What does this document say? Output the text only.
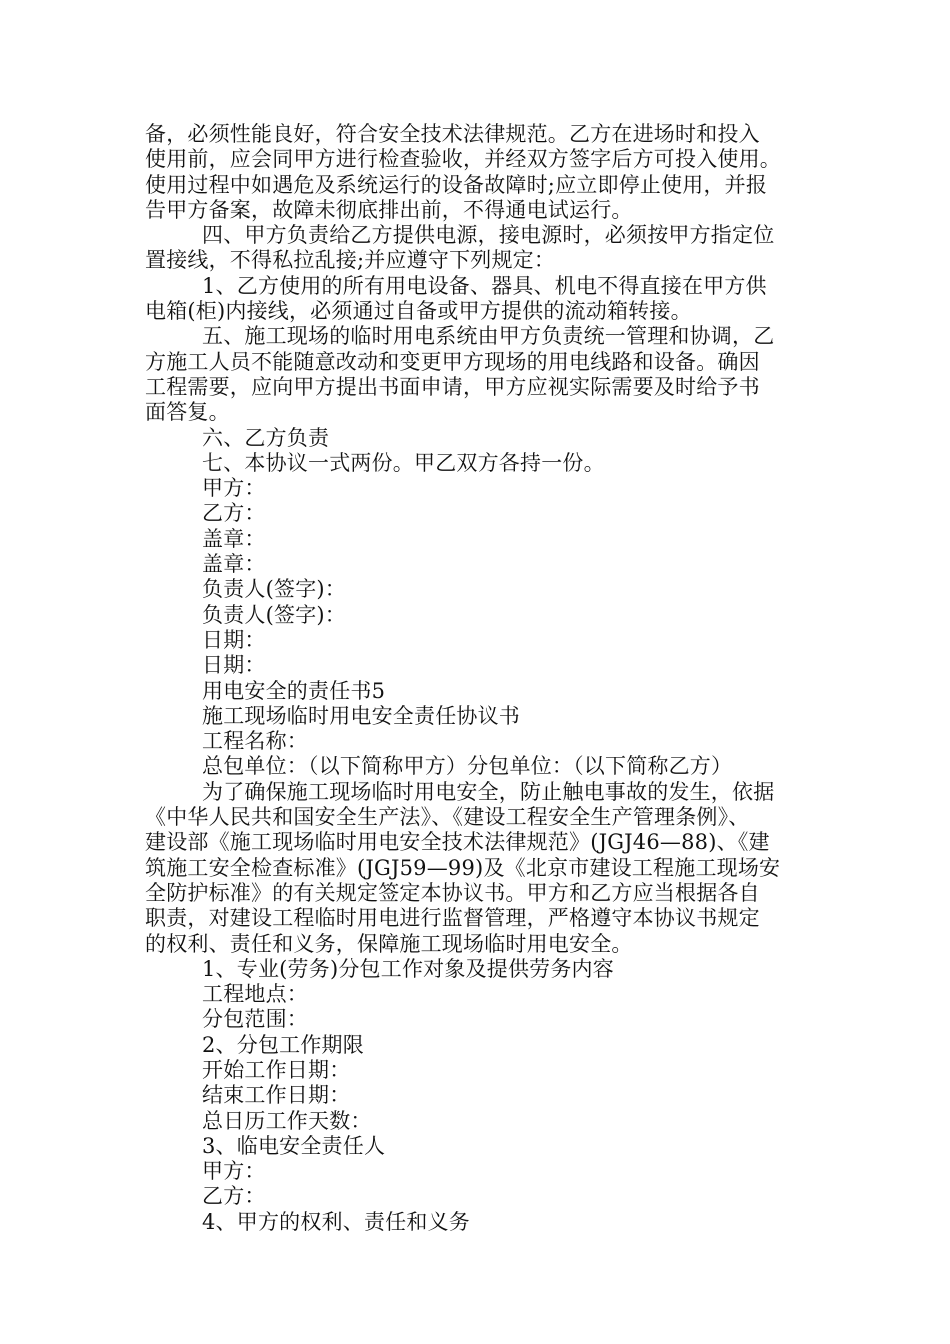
备，必须性能良好，符合安全技术法律规范。乙方在进场时和投入
使用前，应会同甲方进行检查验收，并经双方签字后方可投入使用。
使用过程中如遇危及系统运行的设备故障时;应立即停止使用，并报
告甲方备案，故障未彻底排出前，不得通电试运行。
四、甲方负责给乙方提供电源，接电源时，必须按甲方指定位
置接线，不得私拉乱接;并应遵守下列规定：
1、乙方使用的所有用电设备、器具、机电不得直接在甲方供
电箱(柜)内接线，必须通过自备或甲方提供的流动箱转接。
五、施工现场的临时用电系统由甲方负责统一管理和协调，乙
方施工人员不能随意改动和变更甲方现场的用电线路和设备。确因
工程需要，应向甲方提出书面申请，甲方应视实际需要及时给予书
面答复。
六、乙方负责
七、本协议一式两份。甲乙双方各持一份。
甲方：
乙方：
盖章：
盖章：
负责人(签字)：
负责人(签字)：
日期：
日期：
用电安全的责任书5
施工现场临时用电安全责任协议书
工程名称：
总包单位：（以下简称甲方）分包单位：（以下简称乙方）
为了确保施工现场临时用电安全，防止触电事故的发生，依据
《中华人民共和国安全生产法》、《建设工程安全生产管理条例》、
建设部《施工现场临时用电安全技术法律规范》(JGJ46—88)、《建
筑施工安全检查标准》(JGJ59—99)及《北京市建设工程施工现场安
全防护标准》的有关规定签定本协议书。甲方和乙方应当根据各自
职责，对建设工程临时用电进行监督管理，严格遵守本协议书规定
的权利、责任和义务，保障施工现场临时用电安全。
1、专业(劳务)分包工作对象及提供劳务内容
工程地点：
分包范围：
2、分包工作期限
开始工作日期：
结束工作日期：
总日历工作天数：
3、临电安全责任人
甲方：
乙方：
4、甲方的权利、责任和义务
